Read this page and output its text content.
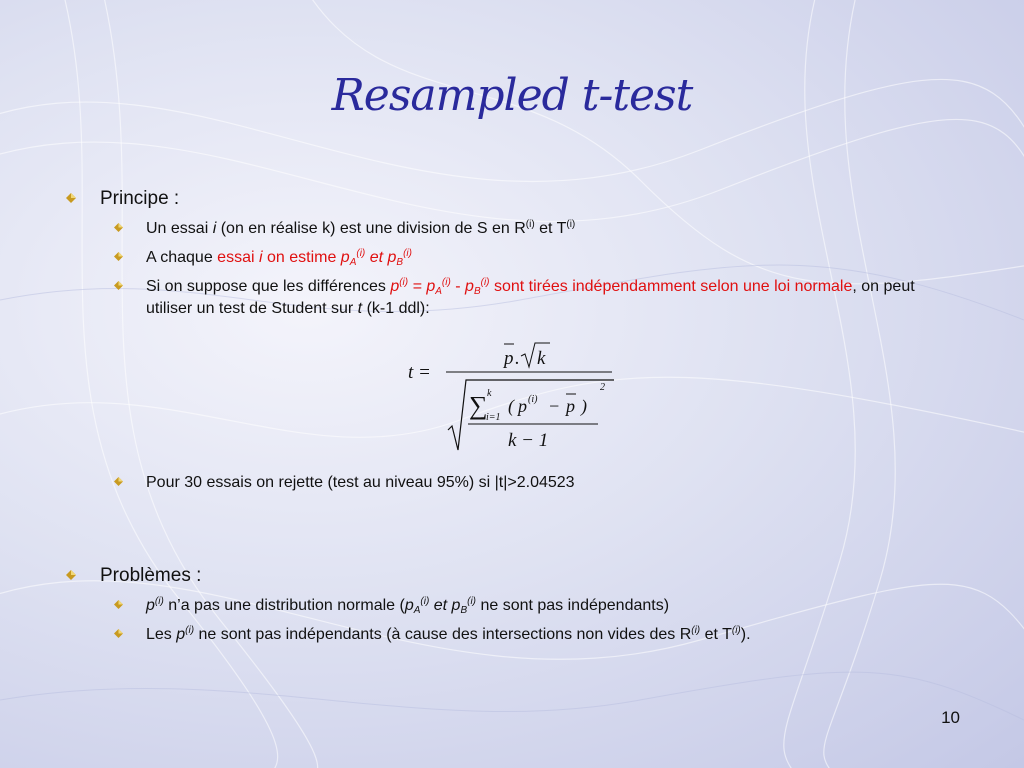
Resampled t-test
Principe :
Un essai i (on en réalise k) est une division de S en $R^{(i)}$ et $T^{(i)}$
A chaque essai i on estime $p_A^{(i)}$ et $p_B^{(i)}$
Si on suppose que les différences $p^{(i)} = p_A^{(i)} - p_B^{(i)}$ sont tirées indépendamment selon une loi normale, on peut utiliser un test de Student sur t (k-1 ddl):
t =
p . k
∑ k
i=1
( p (i) − p )
2
k − 1
Pour 30 essais on rejette (test au niveau 95%) si |t|>2.04523
Problèmes :
$p^{(i)}$ n’a pas une distribution normale ($p_A^{(i)}$ et $p_B^{(i)}$ ne sont pas indépendants)
Les $p^{(i)}$ ne sont pas indépendants (à cause des intersections non vides des $R^{(i)}$ et $T^{(i)}$).
10
